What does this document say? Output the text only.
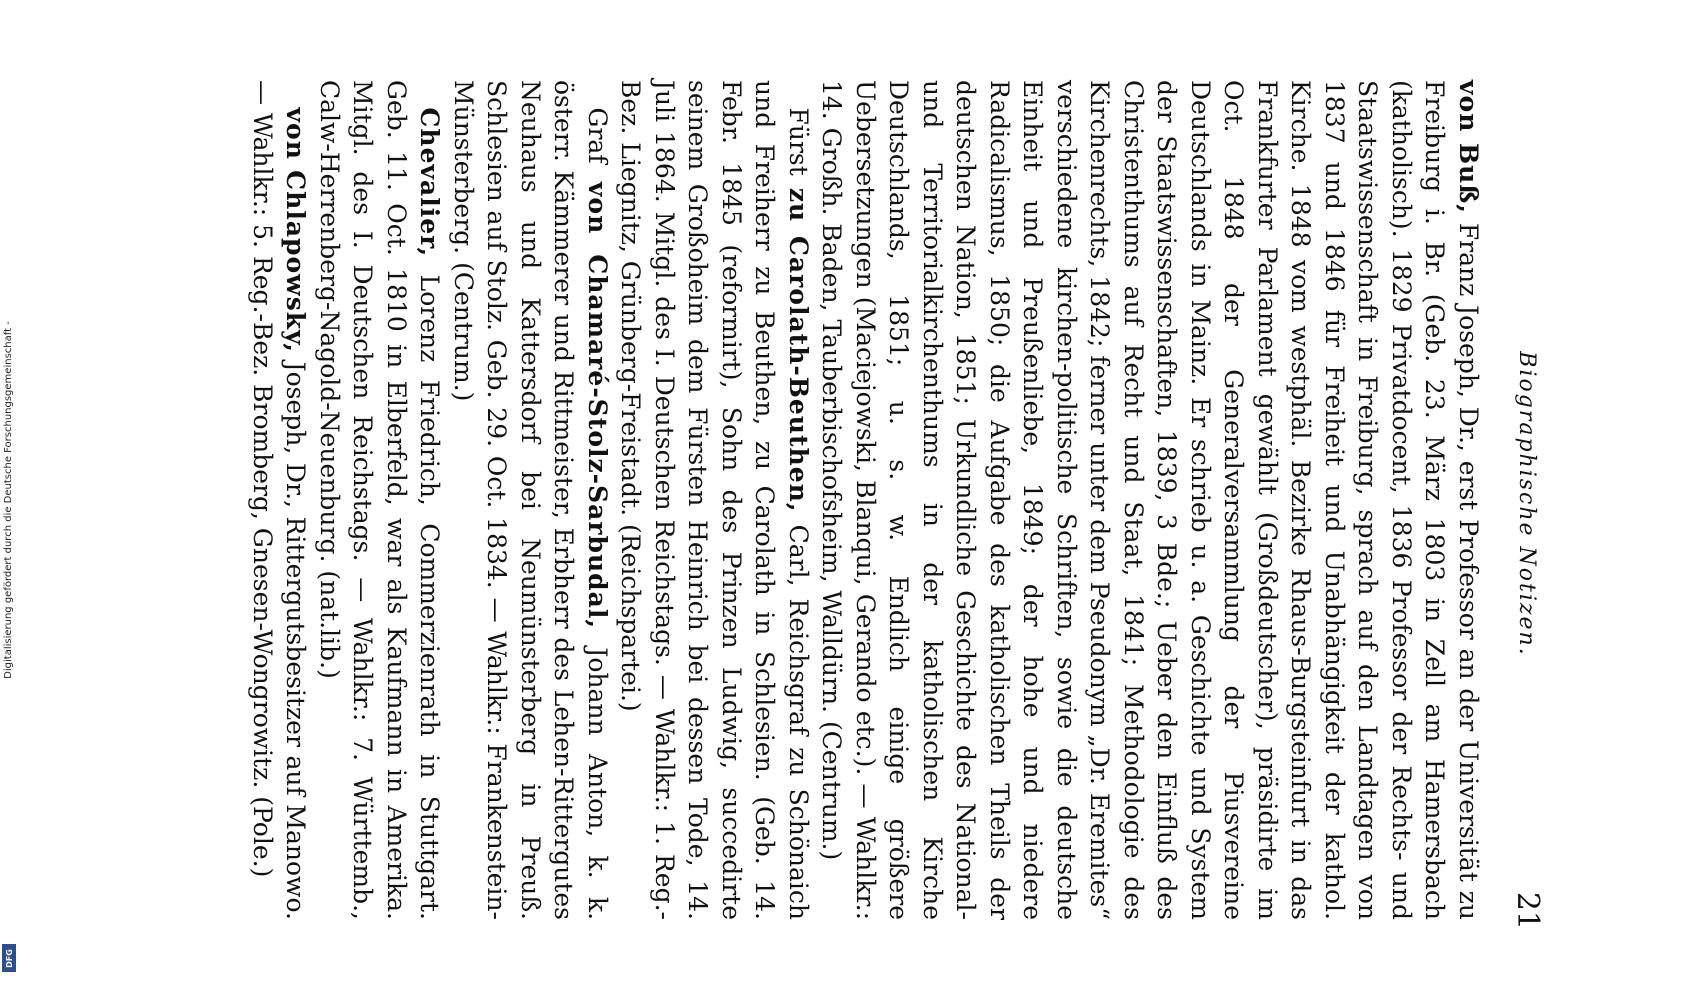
Digitalisierung gefördert durch die Deutsche Forschungsgemeinschaft -
DFG
Biographische Notizen.
21

von Buß, Franz Joseph, Dr., erst Professor an der Universität zu Freiburg i. Br. (Geb. 23. März 1803 in Zell am Hamersbach (katholisch). 1829 Privatdocent, 1836 Professor der Rechts- und Staatswissenschaft in Freiburg, sprach auf den Landtagen von 1837 und 1846 für Freiheit und Unabhängigkeit der kathol. Kirche. 1848 vom westphäl. Bezirke Rhaus-Burgsteinfurt in das Frankfurter Parlament gewählt (Großdeutscher), präsidirte im Oct. 1848 der Generalversammlung der Piusvereine Deutschlands in Mainz. Er schrieb u. a. Geschichte und System der Staatswissenschaften, 1839, 3 Bde.; Ueber den Einfluß des Christenthums auf Recht und Staat, 1841; Methodologie des Kirchenrechts, 1842; ferner unter dem Pseudonym „Dr. Eremites“ verschiedene kirchen-politische Schriften, sowie die deutsche Einheit und Preußenliebe, 1849; der hohe und niedere Radicalismus, 1850; die Aufgabe des katholischen Theils der deutschen Nation, 1851; Urkundliche Geschichte des National- und Territorialkirchenthums in der katholischen Kirche Deutschlands, 1851; u. s. w. Endlich einige größere Uebersetzungen (Maciejowski, Blanqui, Gerando etc.). — Wahlkr.: 14. Großh. Baden, Tauberbischofsheim, Walldürn. (Centrum.)

Fürst zu Carolath-Beuthen, Carl, Reichsgraf zu Schönaich und Freiherr zu Beuthen, zu Carolath in Schlesien. (Geb. 14. Febr. 1845 (reformirt), Sohn des Prinzen Ludwig, succedirte seinem Großoheim dem Fürsten Heinrich bei dessen Tode, 14. Juli 1864. Mitgl. des I. Deutschen Reichstags. — Wahlkr.: 1. Reg.-Bez. Liegnitz, Grünberg-Freistadt. (Reichspartei.)

Graf von Chamaré-Stolz-Sarbudal, Johann Anton, k. k. österr. Kämmerer und Rittmeister, Erbherr des Lehen-Rittergutes Neuhaus und Kattersdorf bei Neumünsterberg in Preuß. Schlesien auf Stolz. Geb. 29. Oct. 1834. — Wahlkr.: Frankenstein-Münsterberg. (Centrum.)

Chevalier, Lorenz Friedrich, Commerzienrath in Stuttgart. Geb. 11. Oct. 1810 in Elberfeld, war als Kaufmann in Amerika. Mitgl. des I. Deutschen Reichstags. — Wahlkr.: 7. Württemb., Calw-Herrenberg-Nagold-Neuenburg. (nat.lib.)

von Chlapowsky, Joseph, Dr., Rittergutsbesitzer auf Manowo. — Wahlkr.: 5. Reg.-Bez. Bromberg, Gnesen-Wongrowitz. (Pole.)
